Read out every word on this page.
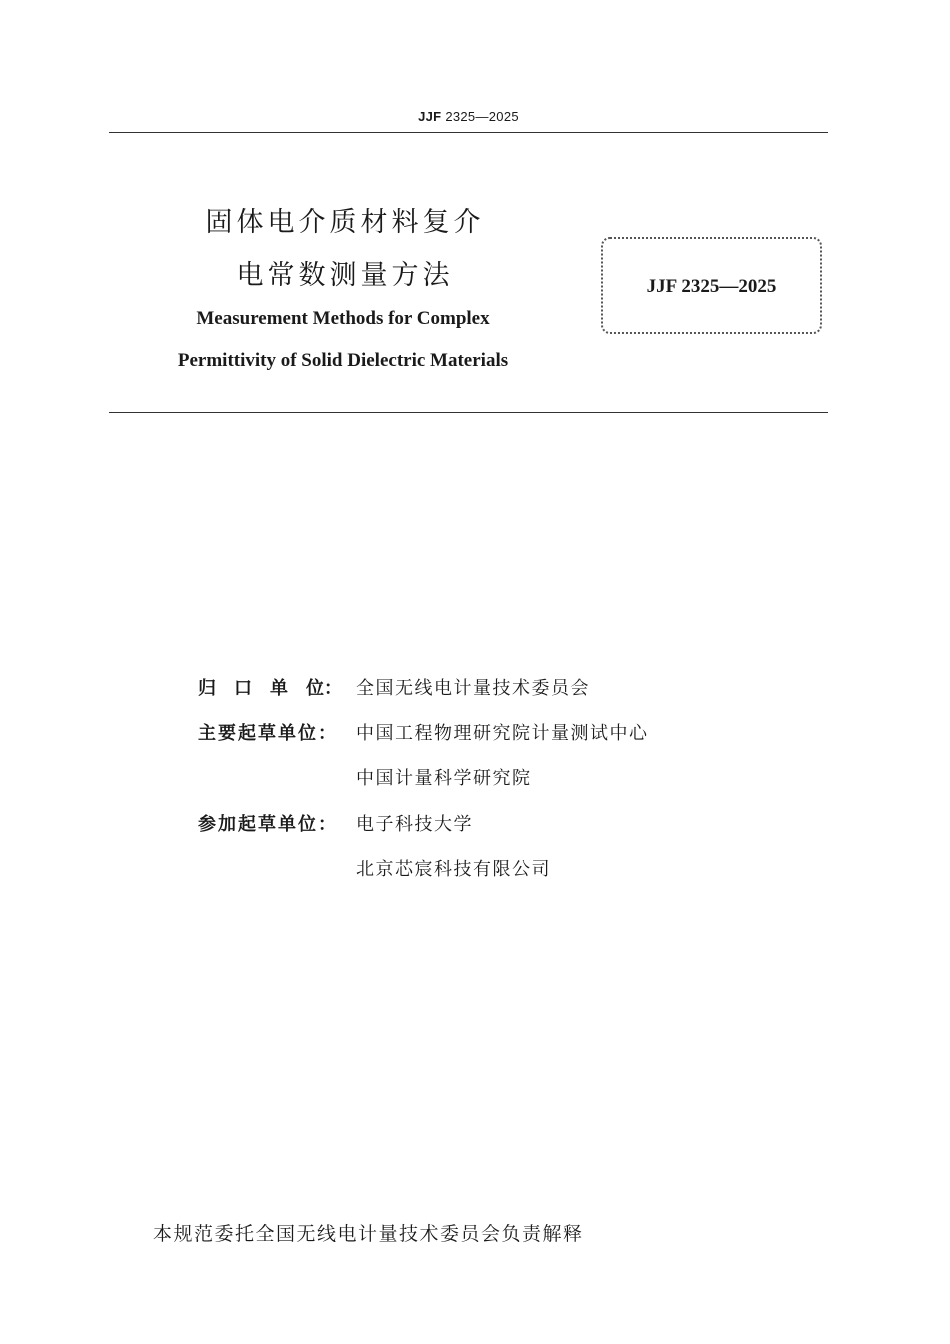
JJF 2325—2025
固体电介质材料复介
电常数测量方法
Measurement Methods for Complex
Permittivity of Solid Dielectric Materials
JJF 2325—2025
归 口 单 位： 全国无线电计量技术委员会
主要起草单位： 中国工程物理研究院计量测试中心
中国计量科学研究院
参加起草单位： 电子科技大学
北京芯宸科技有限公司
本规范委托全国无线电计量技术委员会负责解释
